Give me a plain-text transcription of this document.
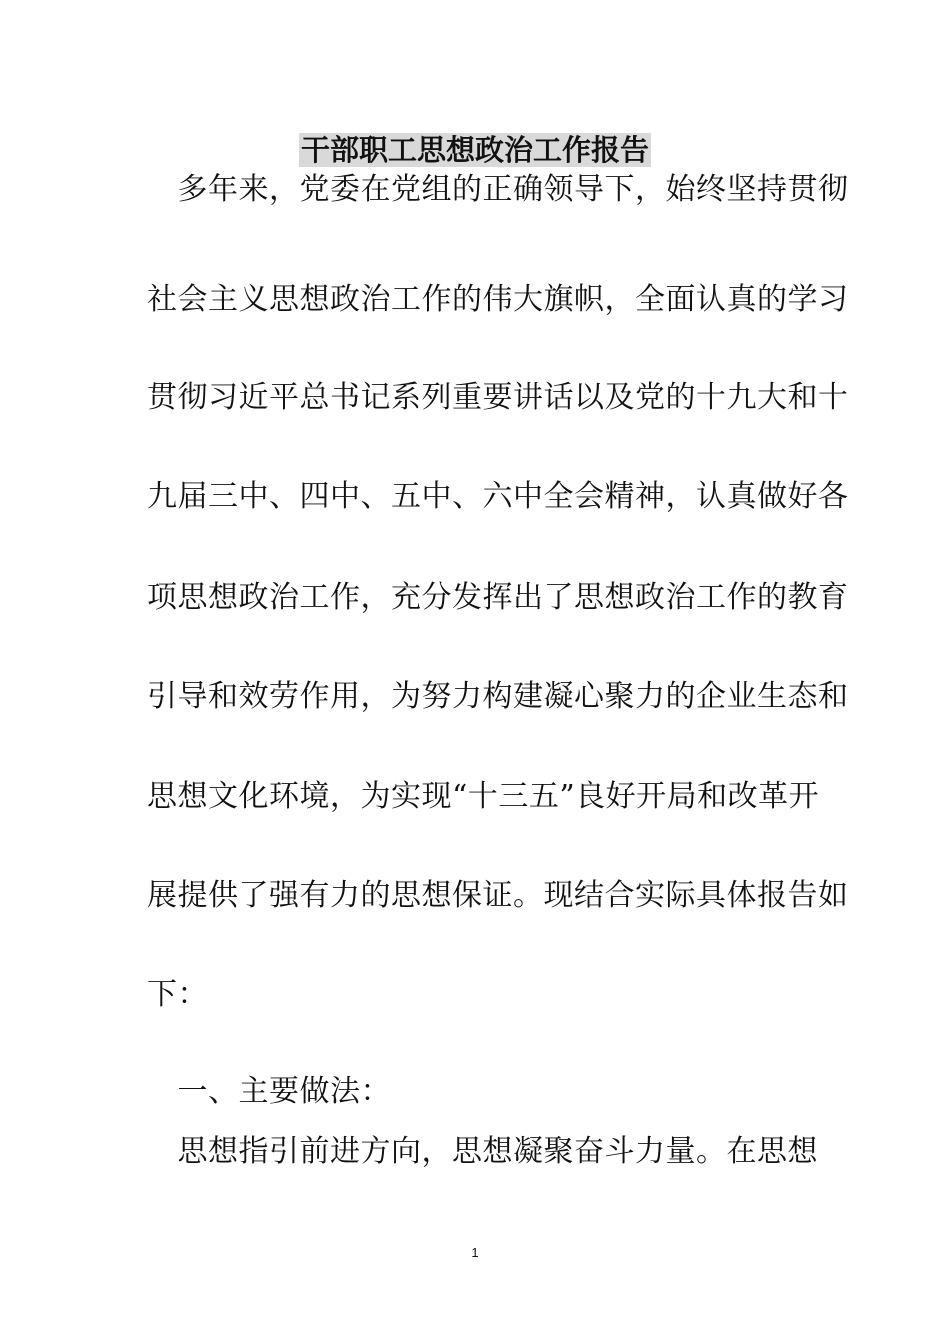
干部职工思想政治工作报告
　多年来，党委在党组的正确领导下，始终坚持贯彻
社会主义思想政治工作的伟大旗帜，全面认真的学习
贯彻习近平总书记系列重要讲话以及党的十九大和十
九届三中、四中、五中、六中全会精神，认真做好各
项思想政治工作，充分发挥出了思想政治工作的教育
引导和效劳作用，为努力构建凝心聚力的企业生态和
思想文化环境，为实现“十三五”良好开局和改革开
展提供了强有力的思想保证。现结合实际具体报告如
下：
　一、主要做法：
　思想指引前进方向，思想凝聚奋斗力量。在思想
1
